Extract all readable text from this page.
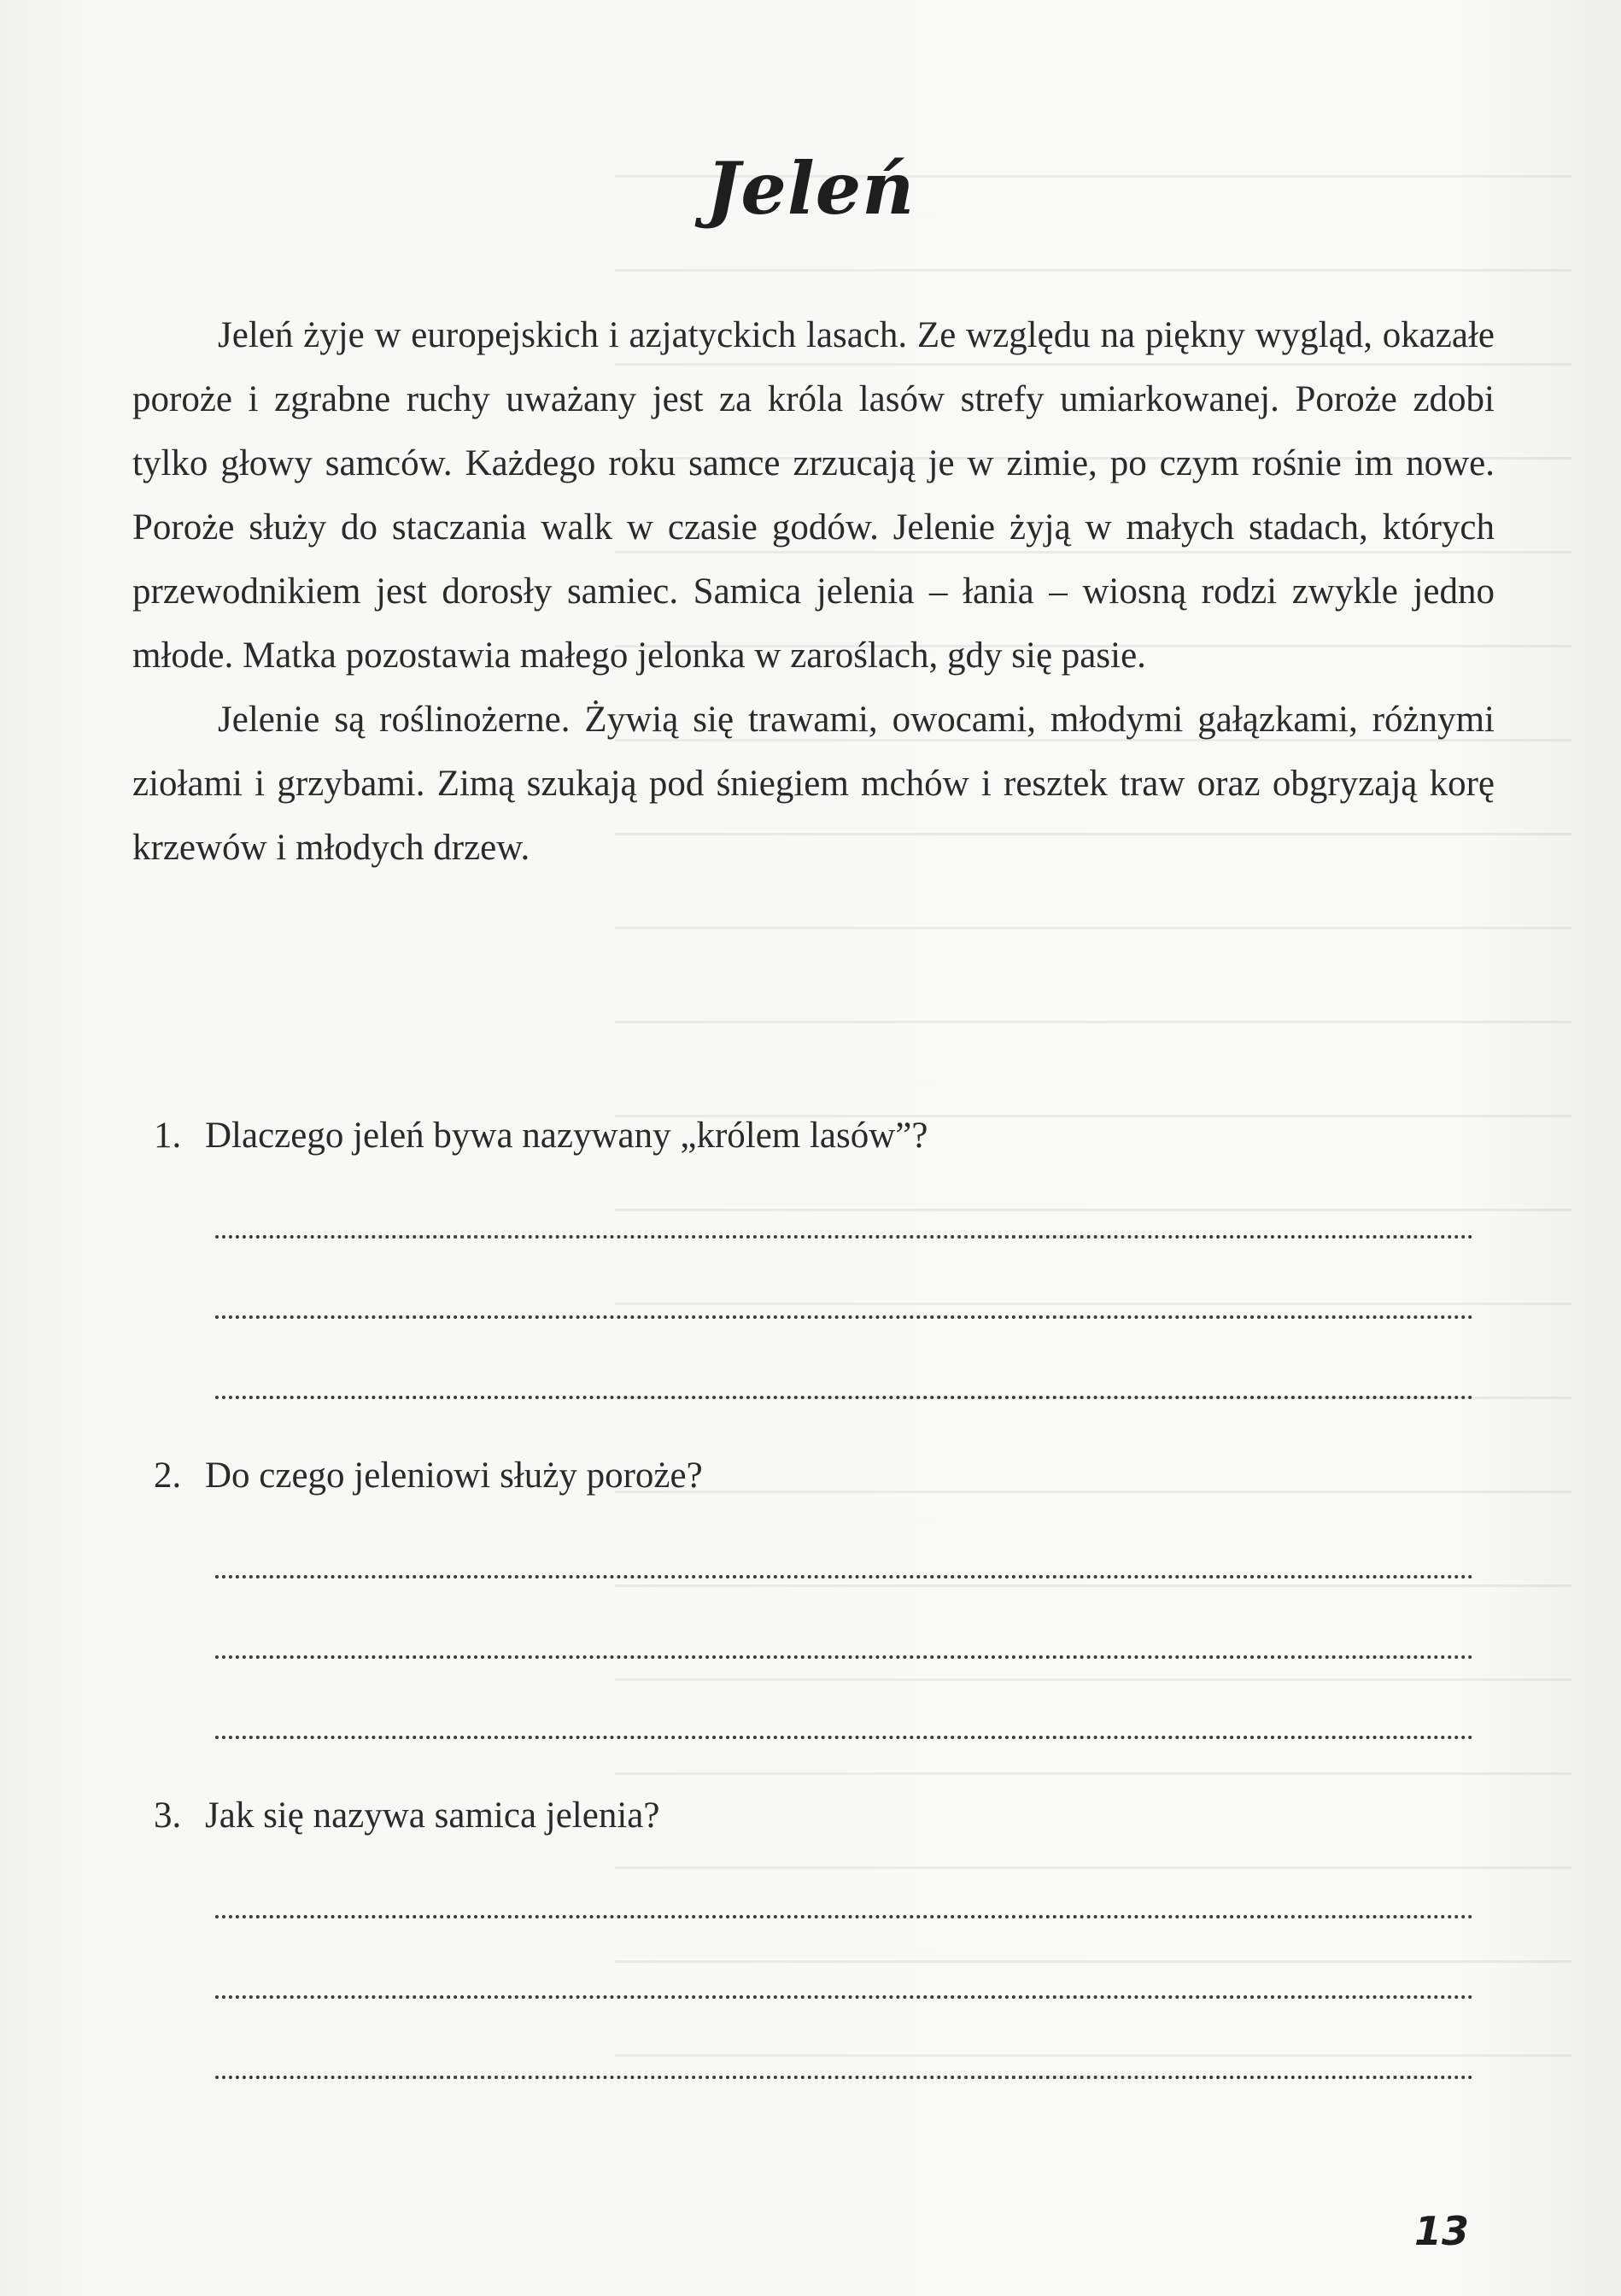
Jeleń

Jeleń żyje w europejskich i azjatyckich lasach. Ze względu na piękny wygląd, okazałe poroże i zgrabne ruchy uważany jest za króla lasów strefy umiarkowanej. Poroże zdobi tylko głowy samców. Każdego roku samce zrzucają je w zimie, po czym rośnie im nowe. Poroże służy do staczania walk w czasie godów. Jelenie żyją w małych stadach, których przewodnikiem jest dorosły samiec. Samica jelenia – łania – wiosną rodzi zwykle jedno młode. Matka pozostawia małego jelonka w zaroślach, gdy się pasie.

Jelenie są roślinożerne. Żywią się trawami, owocami, młodymi gałązkami, różnymi ziołami i grzybami. Zimą szukają pod śniegiem mchów i resztek traw oraz obgryzają korę krzewów i młodych drzew.

1. Dlaczego jeleń bywa nazywany „królem lasów”?
2. Do czego jeleniowi służy poroże?
3. Jak się nazywa samica jelenia?
13
